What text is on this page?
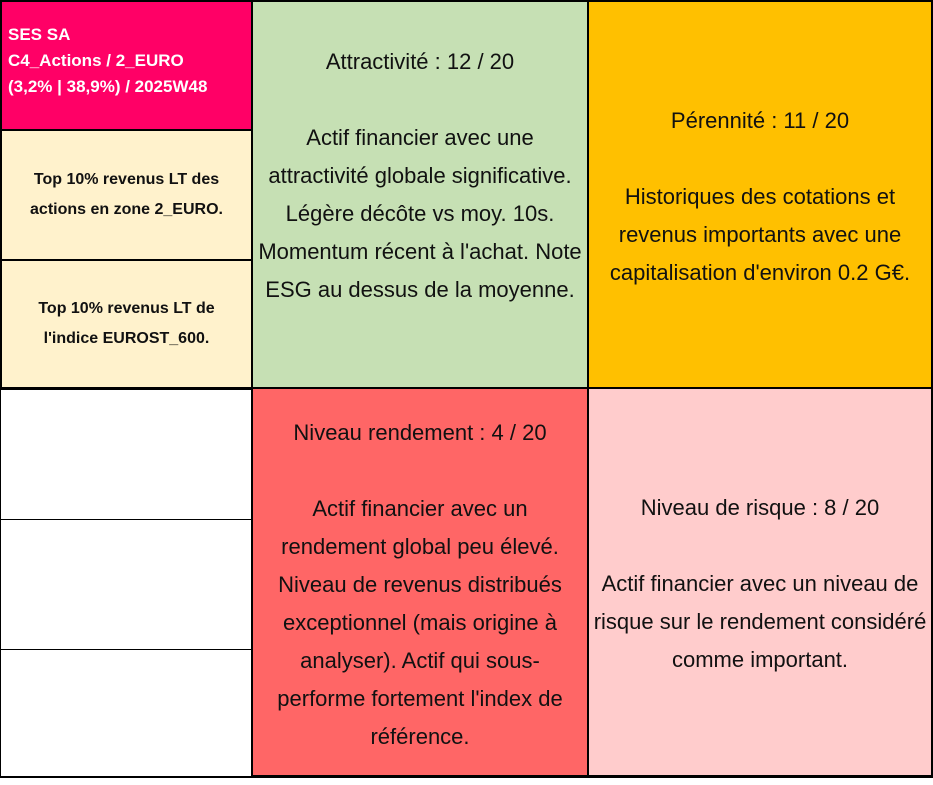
SES SA
C4_Actions / 2_EURO
(3,2% | 38,9%) / 2025W48
Top 10% revenus LT des actions en zone 2_EURO.
Top 10% revenus LT de l'indice EUROST_600.
Attractivité : 12 / 20
Actif financier avec une attractivité globale significative. Légère décôte vs moy. 10s. Momentum récent à l'achat. Note ESG au dessus de la moyenne.
Pérennité : 11 / 20
Historiques des cotations et revenus importants avec une capitalisation d'environ 0.2 G€.
Niveau rendement : 4 / 20
Actif financier avec un rendement global peu élevé. Niveau de revenus distribués exceptionnel (mais origine à analyser). Actif qui sous-performe fortement l'index de référence.
Niveau de risque : 8 / 20
Actif financier avec un niveau de risque sur le rendement considéré comme important.
